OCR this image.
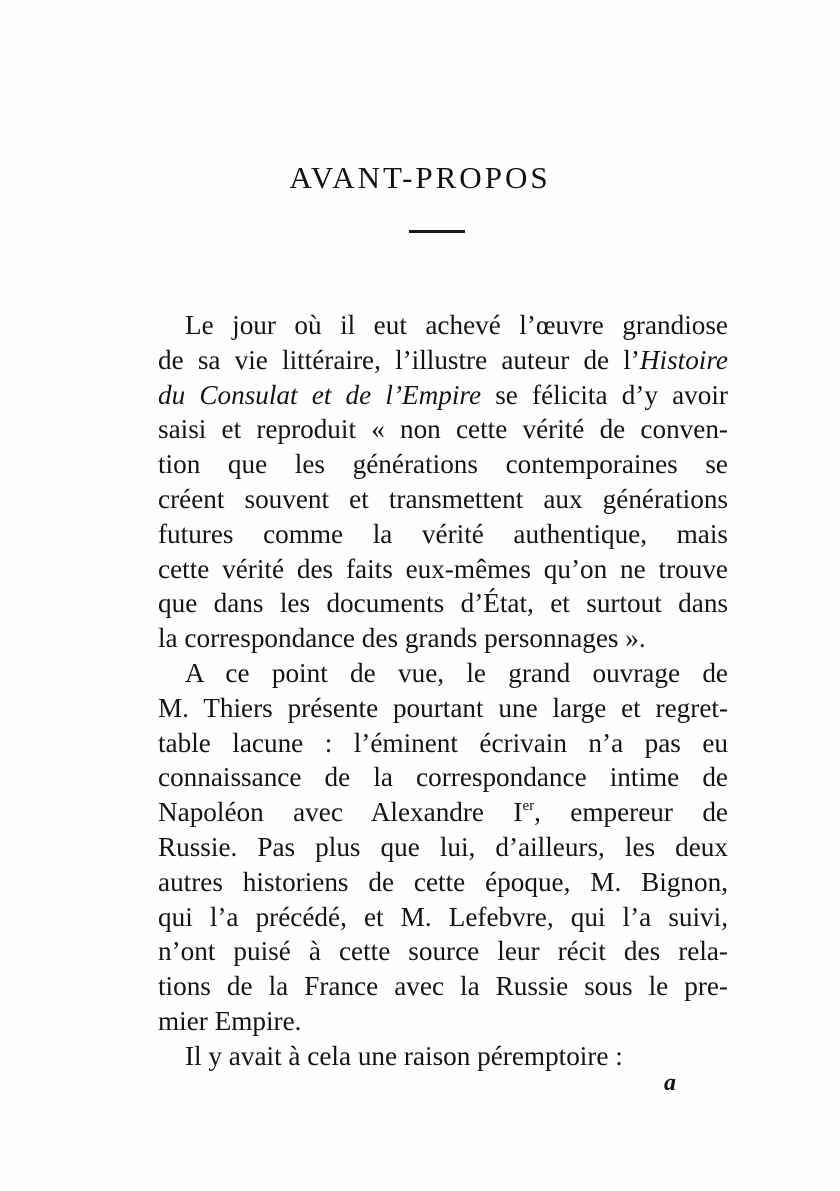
AVANT-PROPOS
Le jour où il eut achevé l’œuvre grandiose
de sa vie littéraire, l’illustre auteur de l’Histoire
du Consulat et de l’Empire se félicita d’y avoir
saisi et reproduit « non cette vérité de conven-
tion que les générations contemporaines se
créent souvent et transmettent aux générations
futures comme la vérité authentique, mais
cette vérité des faits eux-mêmes qu’on ne trouve
que dans les documents d’État, et surtout dans
la correspondance des grands personnages ».
A ce point de vue, le grand ouvrage de
M. Thiers présente pourtant une large et regret-
table lacune : l’éminent écrivain n’a pas eu
connaissance de la correspondance intime de
Napoléon avec Alexandre Ier, empereur de
Russie. Pas plus que lui, d’ailleurs, les deux
autres historiens de cette époque, M. Bignon,
qui l’a précédé, et M. Lefebvre, qui l’a suivi,
n’ont puisé à cette source leur récit des rela-
tions de la France avec la Russie sous le pre-
mier Empire.
Il y avait à cela une raison péremptoire :
a
